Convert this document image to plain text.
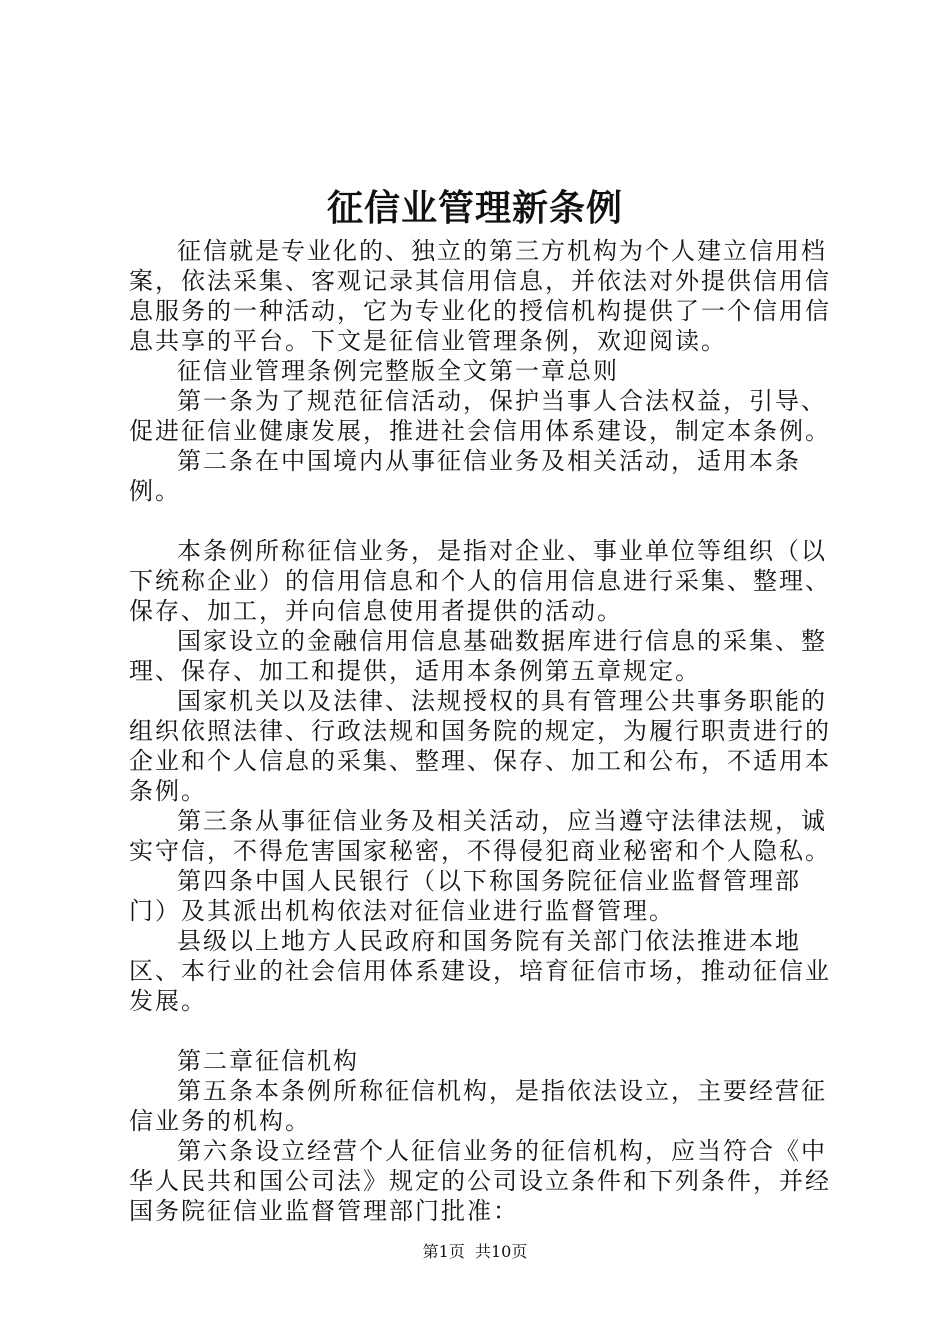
征信业管理新条例

征信就是专业化的、独立的第三方机构为个人建立信用档案，依法采集、客观记录其信用信息，并依法对外提供信用信息服务的一种活动，它为专业化的授信机构提供了一个信用信息共享的平台。下文是征信业管理条例，欢迎阅读。

征信业管理条例完整版全文第一章总则

第一条为了规范征信活动，保护当事人合法权益，引导、促进征信业健康发展，推进社会信用体系建设，制定本条例。

第二条在中国境内从事征信业务及相关活动，适用本条例。

本条例所称征信业务，是指对企业、事业单位等组织（以下统称企业）的信用信息和个人的信用信息进行采集、整理、保存、加工，并向信息使用者提供的活动。

国家设立的金融信用信息基础数据库进行信息的采集、整理、保存、加工和提供，适用本条例第五章规定。

国家机关以及法律、法规授权的具有管理公共事务职能的组织依照法律、行政法规和国务院的规定，为履行职责进行的企业和个人信息的采集、整理、保存、加工和公布，不适用本条例。

第三条从事征信业务及相关活动，应当遵守法律法规，诚实守信，不得危害国家秘密，不得侵犯商业秘密和个人隐私。

第四条中国人民银行（以下称国务院征信业监督管理部门）及其派出机构依法对征信业进行监督管理。

县级以上地方人民政府和国务院有关部门依法推进本地区、本行业的社会信用体系建设，培育征信市场，推动征信业发展。

第二章征信机构

第五条本条例所称征信机构，是指依法设立，主要经营征信业务的机构。

第六条设立经营个人征信业务的征信机构，应当符合《中华人民共和国公司法》规定的公司设立条件和下列条件，并经国务院征信业监督管理部门批准：

第1页  共10页
